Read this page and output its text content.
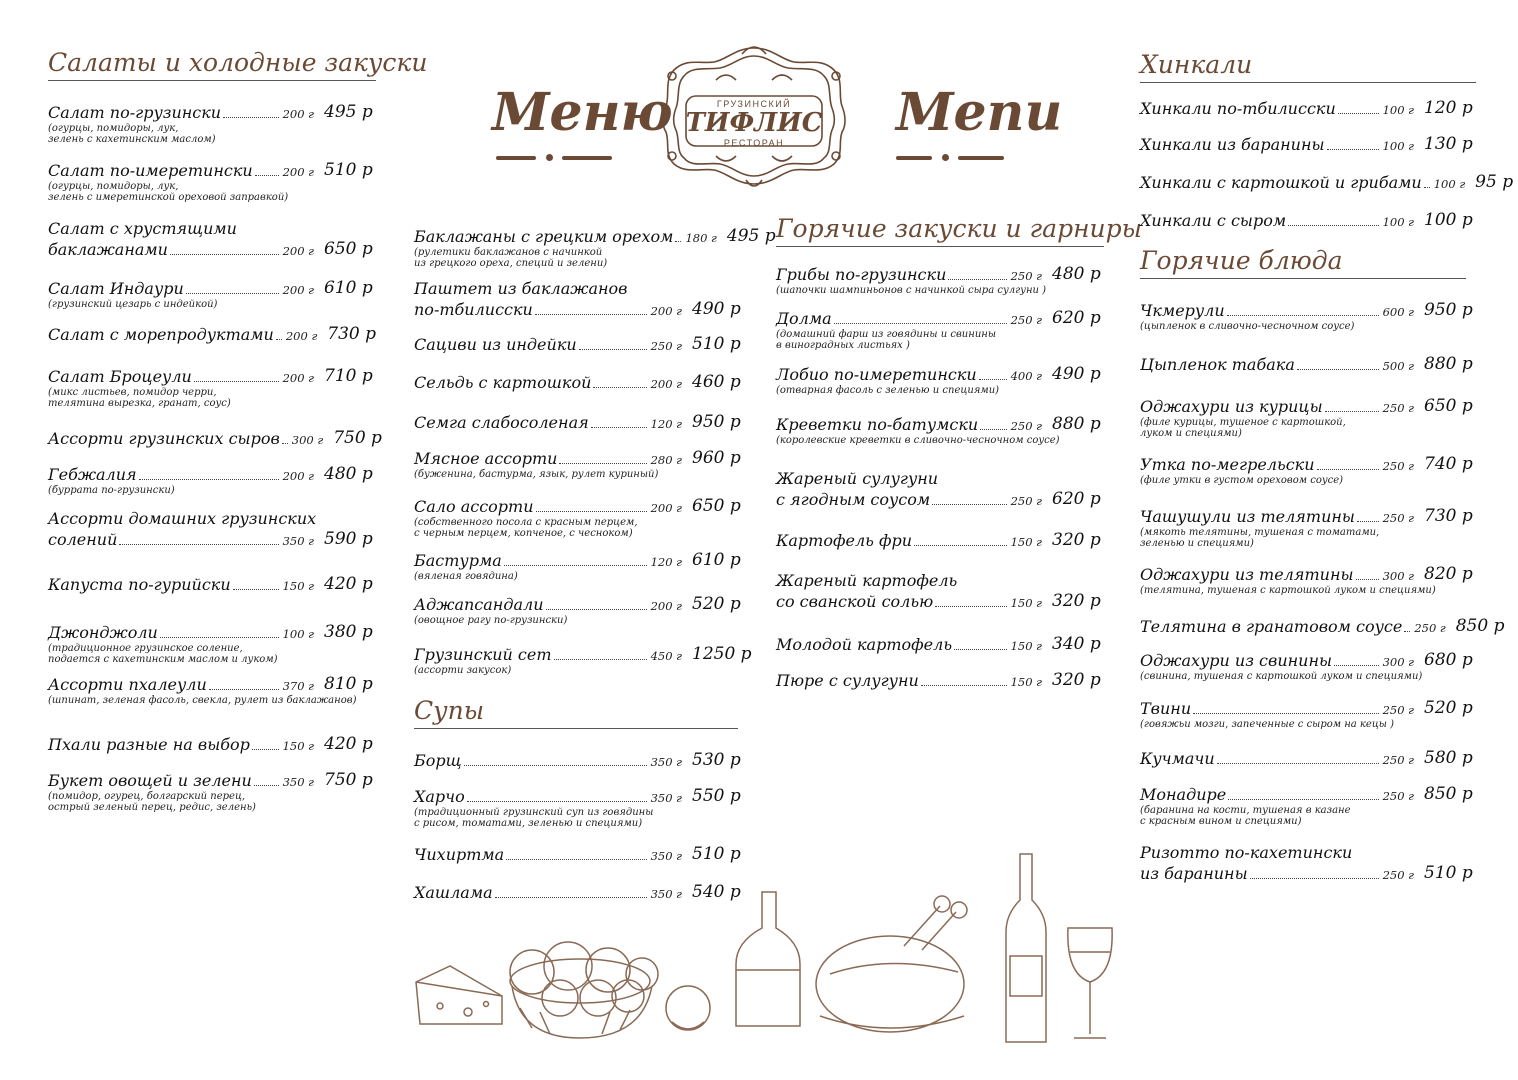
Меню	Menu
ГРУЗИНСКИЙ
ТИФЛИС
РЕСТОРАН
Салаты и холодные закуски
Салат по-грузински	200 г 495 р
(огурцы, помидоры, лук,
зелень с кахетинским маслом)
Салат по-имеретински	200 г 510 р
(огурцы, помидоры, лук,
зелень с имеретинской ореховой заправкой)
Салат с хрустящими
баклажанами	200 г 650 р
Салат Индаури	200 г 610 р
(грузинский цезарь с индейкой)
Салат с морепродуктами 200 г 730 р
Салат Броцеули	200 г 710 р
(микс листьев, помидор черри,
телятина вырезка, гранат, соус)
Ассорти грузинских сыров 300 г 750 р
Гебжалия	200 г 480 р
(буррата по-грузински)
Ассорти домашних грузинских
солений	350 г 590 р
Капуста по-гурийски	150 г 420 р
Джонджоли	100 г 380 р
(традиционное грузинское соление,
подается с кахетинским маслом и луком)
Ассорти пхалеули	370 г 810 р
(шпинат, зеленая фасоль, свекла, рулет из баклажанов)
Пхали разные на выбор	150 г 420 р
Букет овощей и зелени	350 г 750 р
(помидор, огурец, болгарский перец,
острый зеленый перец, редис, зелень)
Баклажаны с грецким орехом 180 г 495 р
(рулетики баклажанов с начинкой
из грецкого ореха, специй и зелени)
Паштет из баклажанов
по-тбилисски	200 г 490 р
Сациви из индейки	250 г 510 р
Сельдь с картошкой	200 г 460 р
Семга слабосоленая	120 г 950 р
Мясное ассорти	280 г 960 р
(буженина, бастурма, язык, рулет куриный)
Сало ассорти	200 г 650 р
(собственного посола с красным перцем,
с черным перцем, копченое, с чесноком)
Бастурма	120 г 610 р
(вяленая говядина)
Аджапсандали	200 г 520 р
(овощное рагу по-грузински)
Грузинский сет	450 г 1250 р
(ассорти закусок)
Супы
Борщ	350 г 530 р
Харчо	350 г 550 р
(традиционный грузинский суп из говядины
с рисом, томатами, зеленью и специями)
Чихиртма	350 г 510 р
Хашлама	350 г 540 р
Горячие закуски и гарниры
Грибы по-грузински	250 г 480 р
(шапочки шампиньонов с начинкой сыра сулгуни )
Долма	250 г 620 р
(домашний фарш из говядины и свинины
в виноградных листьях )
Лобио по-имеретински	400 г 490 р
(отварная фасоль с зеленью и специями)
Креветки по-батумски	250 г 880 р
(королевские креветки в сливочно-чесночном соусе)
Жареный сулугуни
с ягодным соусом	250 г 620 р
Картофель фри	150 г 320 р
Жареный картофель
со сванской солью	150 г 320 р
Молодой картофель	150 г 340 р
Пюре с сулугуни	150 г 320 р
Хинкали
Хинкали по-тбилисски	100 г 120 р
Хинкали из баранины	100 г 130 р
Хинкали с картошкой и грибами 100 г 95 р
Хинкали с сыром	100 г 100 р
Горячие блюда
Чкмерули	600 г 950 р
(цыпленок в сливочно-чесночном соусе)
Цыпленок табака	500 г 880 р
Оджахури из курицы	250 г 650 р
(филе курицы, тушеное с картошкой,
луком и специями)
Утка по-мегрельски	250 г 740 р
(филе утки в густом ореховом соусе)
Чашушули из телятины 250 г 730 р
(мякоть телятины, тушеная с томатами,
зеленью и специями)
Оджахури из телятины	300 г 820 р
(телятина, тушеная с картошкой луком и специями)
Телятина в гранатовом соусе 250 г 850 р
Оджахури из свинины	300 г 680 р
(свинина, тушеная с картошкой луком и специями)
Твини	250 г 520 р
(говяжьи мозги, запеченные с сыром на кецы )
Кучмачи	250 г 580 р
Монадире	250 г 850 р
(баранина на кости, тушеная в казане
с красным вином и специями)
Ризотто по-кахетински
из баранины	250 г 510 р
